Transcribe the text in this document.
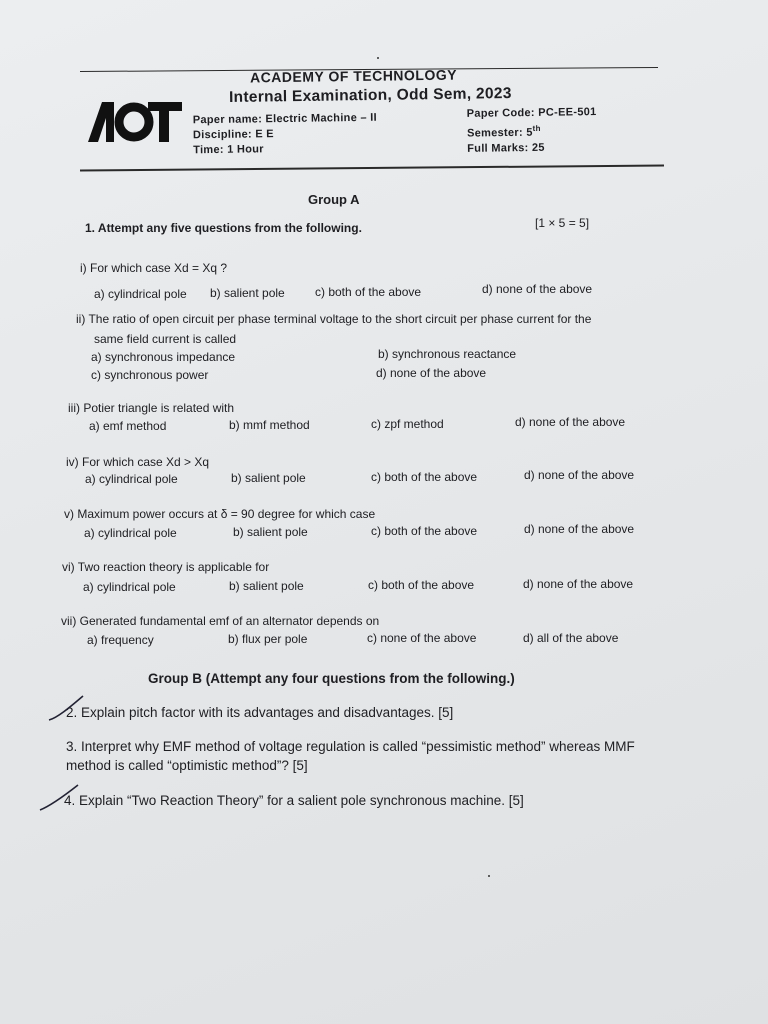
ACADEMY OF TECHNOLOGY
Internal Examination, Odd Sem, 2023
Paper name: Electric Machine – II
Discipline: E E
Time: 1 Hour
Paper Code: PC-EE-501
Semester: 5th
Full Marks: 25
Group A
1. Attempt any five questions from the following.	[1 × 5 = 5]
i) For which case Xd = Xq ?
a) cylindrical pole b) salient pole	c) both of the above	d) none of the above
ii) The ratio of open circuit per phase terminal voltage to the short circuit per phase current for the
same field current is called
a) synchronous impedance	b) synchronous reactance
c) synchronous power	d) none of the above
iii) Potier triangle is related with
a) emf method	b) mmf method	c) zpf method	d) none of the above
iv) For which case Xd > Xq
a) cylindrical pole	b) salient pole	c) both of the above	d) none of the above
v) Maximum power occurs at δ = 90 degree for which case
a) cylindrical pole	b) salient pole	c) both of the above	d) none of the above
vi) Two reaction theory is applicable for
a) cylindrical pole	b) salient pole	c) both of the above	d) none of the above
vii) Generated fundamental emf of an alternator depends on
a) frequency	b) flux per pole	c) none of the above	d) all of the above
Group B (Attempt any four questions from the following.)
2. Explain pitch factor with its advantages and disadvantages. [5]
3. Interpret why EMF method of voltage regulation is called “pessimistic method” whereas MMF
method is called “optimistic method”? [5]
4. Explain “Two Reaction Theory” for a salient pole synchronous machine. [5]
